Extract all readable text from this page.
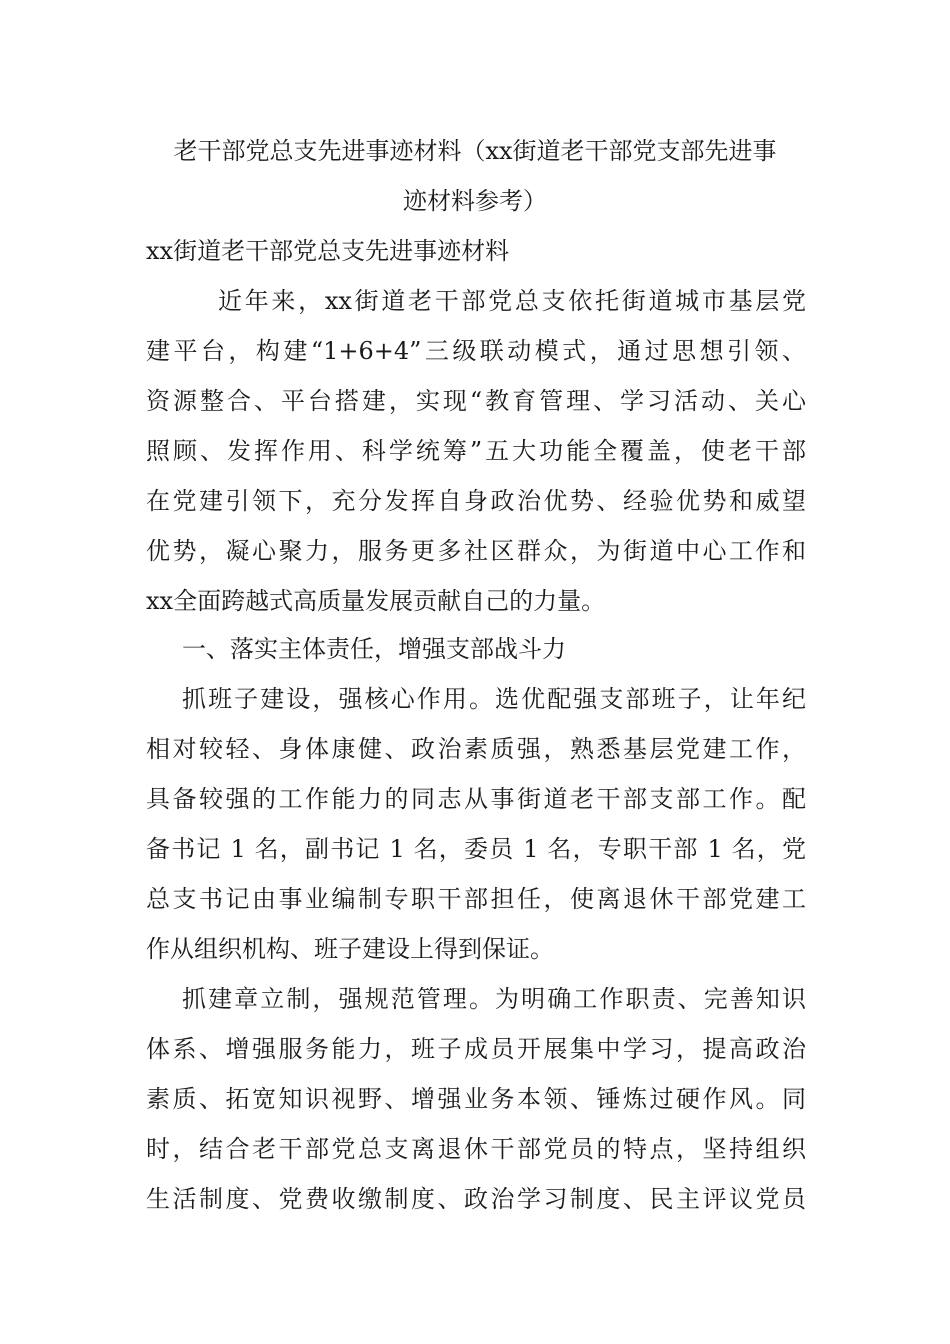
老干部党总支先进事迹材料（xx街道老干部党支部先进事
迹材料参考）
xx街道老干部党总支先进事迹材料
近年来，xx街道老干部党总支依托街道城市基层党
建平台，构建“1+6+4”三级联动模式，通过思想引领、
资源整合、平台搭建，实现“教育管理、学习活动、关心
照顾、发挥作用、科学统筹”五大功能全覆盖，使老干部
在党建引领下，充分发挥自身政治优势、经验优势和威望
优势，凝心聚力，服务更多社区群众，为街道中心工作和
xx全面跨越式高质量发展贡献自己的力量。
一、落实主体责任，增强支部战斗力
抓班子建设，强核心作用。选优配强支部班子，让年纪
相对较轻、身体康健、政治素质强，熟悉基层党建工作，
具备较强的工作能力的同志从事街道老干部支部工作。配
备书记 1 名，副书记 1 名，委员 1 名，专职干部 1 名，党
总支书记由事业编制专职干部担任，使离退休干部党建工
作从组织机构、班子建设上得到保证。
抓建章立制，强规范管理。为明确工作职责、完善知识
体系、增强服务能力，班子成员开展集中学习，提高政治
素质、拓宽知识视野、增强业务本领、锤炼过硬作风。同
时，结合老干部党总支离退休干部党员的特点，坚持组织
生活制度、党费收缴制度、政治学习制度、民主评议党员
